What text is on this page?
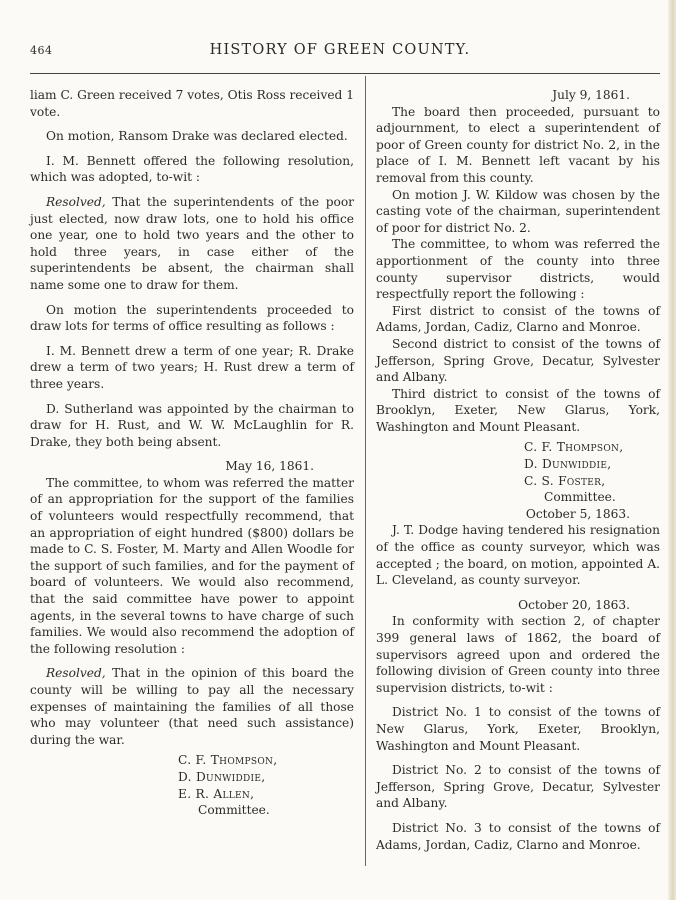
464	HISTORY OF GREEN COUNTY.

liam C. Green received 7 votes, Otis Ross received 1 vote.

On motion, Ransom Drake was declared elected.

I. M. Bennett offered the following resolution, which was adopted, to-wit :

Resolved, That the superintendents of the poor just elected, now draw lots, one to hold his office one year, one to hold two years and the other to hold three years, in case either of the superintendents be absent, the chairman shall name some one to draw for them.

On motion the superintendents proceeded to draw lots for terms of office resulting as follows :

I. M. Bennett drew a term of one year; R. Drake drew a term of two years; H. Rust drew a term of three years.

D. Sutherland was appointed by the chairman to draw for H. Rust, and W. W. McLaughlin for R. Drake, they both being absent.

May 16, 1861.

The committee, to whom was referred the matter of an appropriation for the support of the families of volunteers would respectfully recommend, that an appropriation of eight hundred ($800) dollars be made to C. S. Foster, M. Marty and Allen Woodle for the support of such families, and for the payment of board of volunteers. We would also recommend, that the said committee have power to appoint agents, in the several towns to have charge of such families. We would also recommend the adoption of the following resolution :

Resolved, That in the opinion of this board the county will be willing to pay all the necessary expenses of maintaining the families of all those who may volunteer (that need such assistance) during the war.

C. F. Thompson,
D. Dunwiddie,
E. R. Allen,
Committee.

July 9, 1861.

The board then proceeded, pursuant to adjournment, to elect a superintendent of poor of Green county for district No. 2, in the place of I. M. Bennett left vacant by his removal from this county.

On motion J. W. Kildow was chosen by the casting vote of the chairman, superintendent of poor for district No. 2.

The committee, to whom was referred the apportionment of the county into three county supervisor districts, would respectfully report the following :

First district to consist of the towns of Adams, Jordan, Cadiz, Clarno and Monroe.

Second district to consist of the towns of Jefferson, Spring Grove, Decatur, Sylvester and Albany.

Third district to consist of the towns of Brooklyn, Exeter, New Glarus, York, Washington and Mount Pleasant.

C. F. Thompson,
D. Dunwiddie,
C. S. Foster,
Committee.

October 5, 1863.

J. T. Dodge having tendered his resignation of the office as county surveyor, which was accepted ; the board, on motion, appointed A. L. Cleveland, as county surveyor.

October 20, 1863.

In conformity with section 2, of chapter 399 general laws of 1862, the board of supervisors agreed upon and ordered the following division of Green county into three supervision districts, to-wit :

District No. 1 to consist of the towns of New Glarus, York, Exeter, Brooklyn, Washington and Mount Pleasant.

District No. 2 to consist of the towns of Jefferson, Spring Grove, Decatur, Sylvester and Albany.

District No. 3 to consist of the towns of Adams, Jordan, Cadiz, Clarno and Monroe.
